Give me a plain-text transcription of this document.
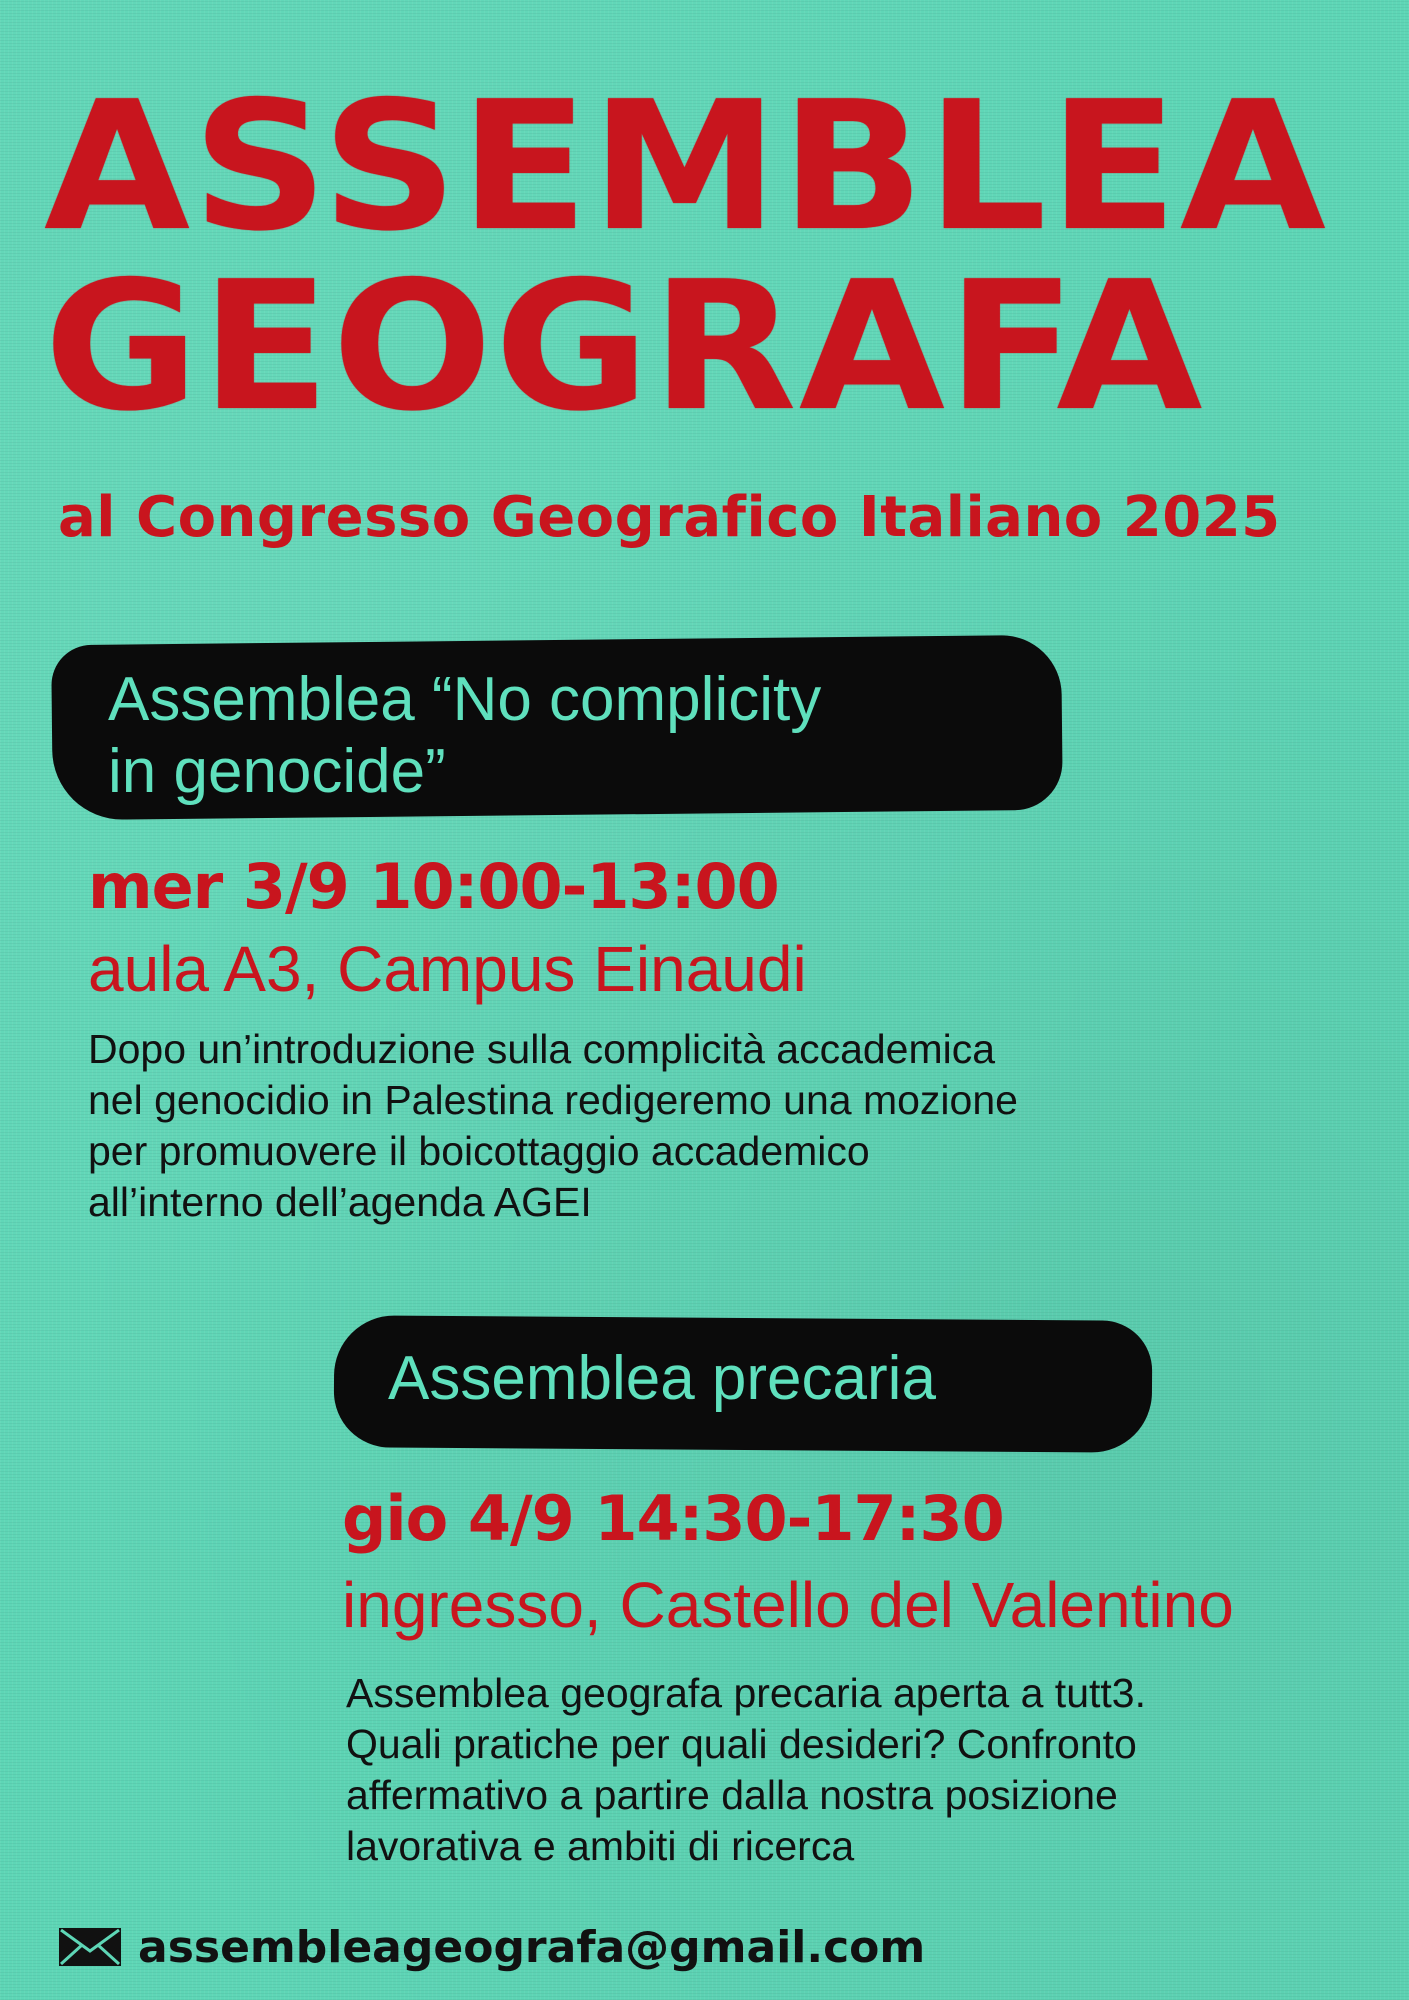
ASSEMBLEA
GEOGRAFA
al Congresso Geografico Italiano 2025
Assemblea “No complicity
in genocide”
mer 3/9 10:00-13:00
aula A3, Campus Einaudi
Dopo un’introduzione sulla complicità accademica
nel genocidio in Palestina redigeremo una mozione
per promuovere il boicottaggio accademico
all’interno dell’agenda AGEI
Assemblea precaria
gio 4/9 14:30-17:30
ingresso, Castello del Valentino
Assemblea geografa precaria aperta a tutt3.
Quali pratiche per quali desideri? Confronto
affermativo a partire dalla nostra posizione
lavorativa e ambiti di ricerca
assembleageografa@gmail.com
